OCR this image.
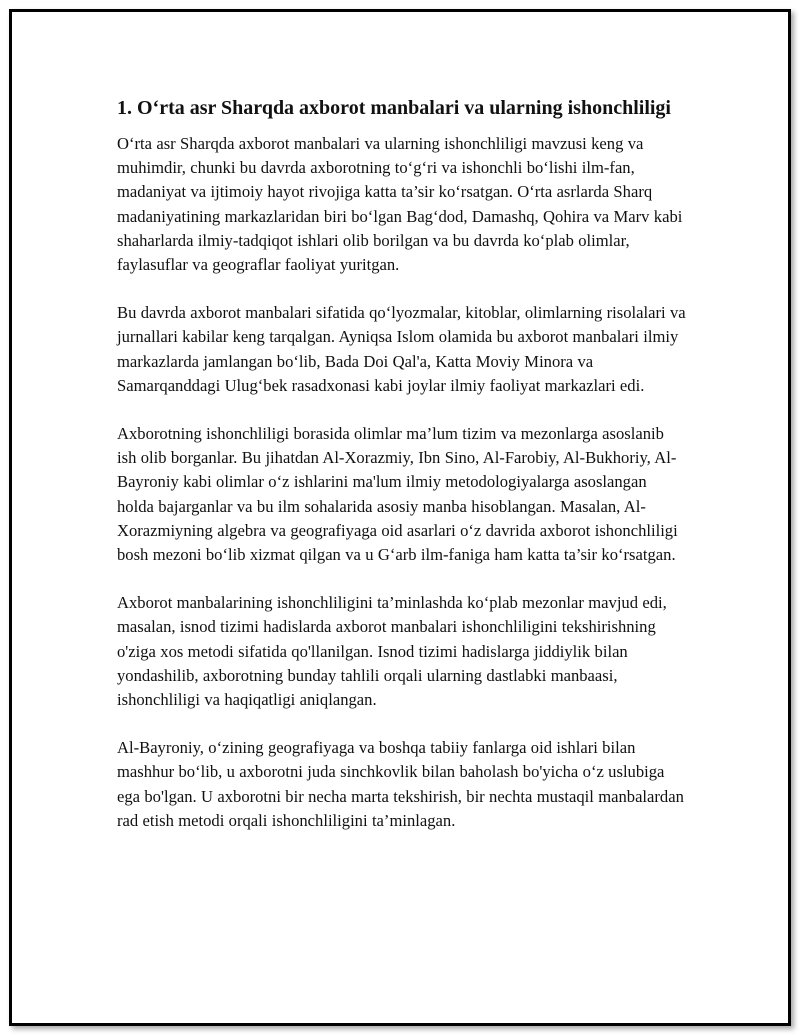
1. O‘rta asr Sharqda axborot manbalari va ularning ishonchliligi

O‘rta asr Sharqda axborot manbalari va ularning ishonchliligi mavzusi keng va muhimdir, chunki bu davrda axborotning to‘g‘ri va ishonchli bo‘lishi ilm-fan, madaniyat va ijtimoiy hayot rivojiga katta ta’sir ko‘rsatgan. O‘rta asrlarda Sharq madaniyatining markazlaridan biri bo‘lgan Bag‘dod, Damashq, Qohira va Marv kabi shaharlarda ilmiy-tadqiqot ishlari olib borilgan va bu davrda ko‘plab olimlar, faylasuflar va geograflar faoliyat yuritgan.

Bu davrda axborot manbalari sifatida qo‘lyozmalar, kitoblar, olimlarning risolalari va jurnallari kabilar keng tarqalgan. Ayniqsa Islom olamida bu axborot manbalari ilmiy markazlarda jamlangan bo‘lib, Bada Doi Qal'a, Katta Moviy Minora va Samarqanddagi Ulug‘bek rasadxonasi kabi joylar ilmiy faoliyat markazlari edi.

Axborotning ishonchliligi borasida olimlar ma’lum tizim va mezonlarga asoslanib ish olib borganlar. Bu jihatdan Al-Xorazmiy, Ibn Sino, Al-Farobiy, Al-Bukhoriy, Al-Bayroniy kabi olimlar o‘z ishlarini ma'lum ilmiy metodologiyalarga asoslangan holda bajarganlar va bu ilm sohalarida asosiy manba hisoblangan. Masalan, Al-Xorazmiyning algebra va geografiyaga oid asarlari o‘z davrida axborot ishonchliligi bosh mezoni bo‘lib xizmat qilgan va u G‘arb ilm-faniga ham katta ta’sir ko‘rsatgan.

Axborot manbalarining ishonchliligini ta’minlashda ko‘plab mezonlar mavjud edi, masalan, isnod tizimi hadislarda axborot manbalari ishonchliligini tekshirishning o'ziga xos metodi sifatida qo'llanilgan. Isnod tizimi hadislarga jiddiylik bilan yondashilib, axborotning bunday tahlili orqali ularning dastlabki manbaasi, ishonchliligi va haqiqatligi aniqlangan.

Al-Bayroniy, o‘zining geografiyaga va boshqa tabiiy fanlarga oid ishlari bilan mashhur bo‘lib, u axborotni juda sinchkovlik bilan baholash bo'yicha o‘z uslubiga ega bo'lgan. U axborotni bir necha marta tekshirish, bir nechta mustaqil manbalardan rad etish metodi orqali ishonchliligini ta’minlagan.
